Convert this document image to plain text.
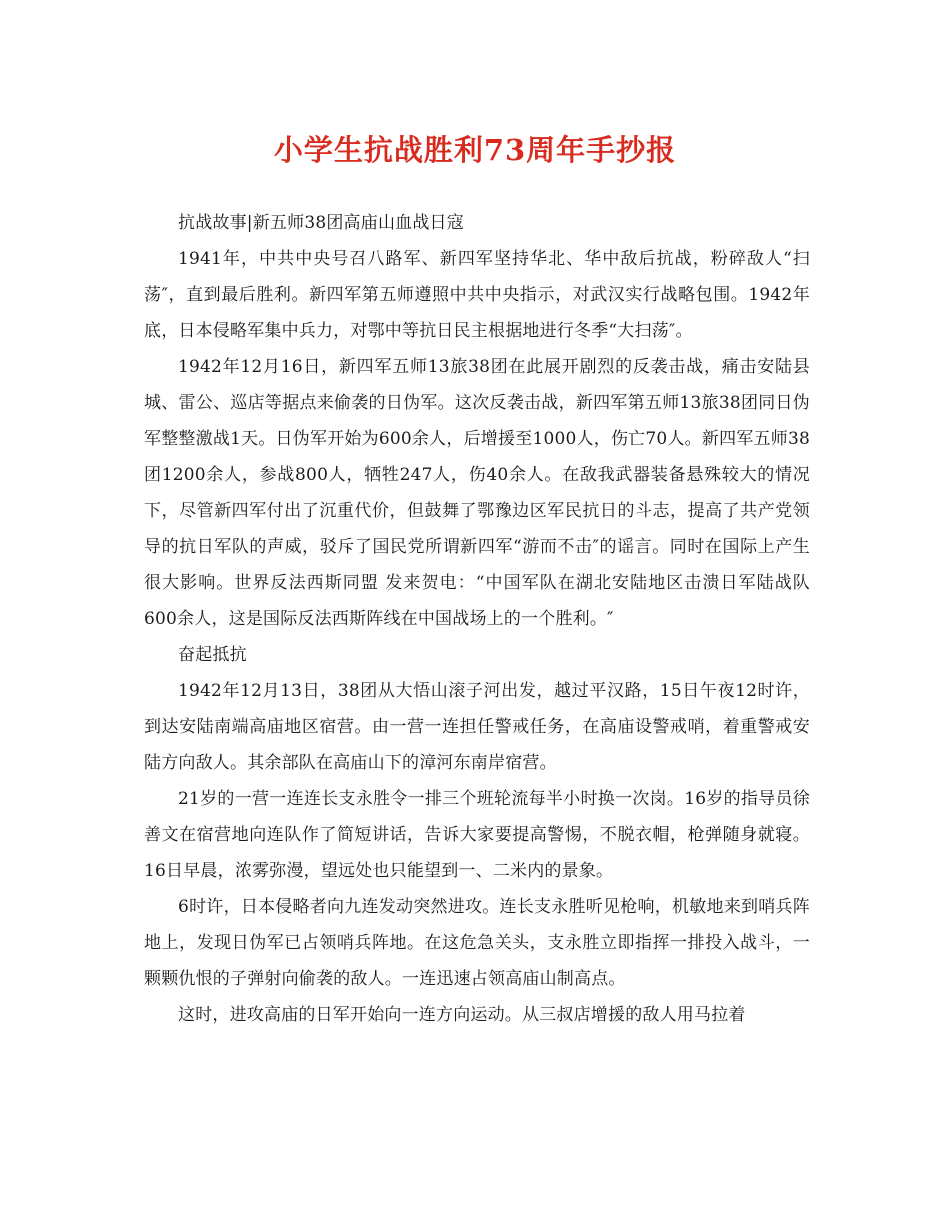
小学生抗战胜利73周年手抄报

抗战故事|新五师38团高庙山血战日寇

1941年，中共中央号召八路军、新四军坚持华北、华中敌后抗战，粉碎敌人“扫荡″，直到最后胜利。新四军第五师遵照中共中央指示，对武汉实行战略包围。1942年底，日本侵略军集中兵力，对鄂中等抗日民主根据地进行冬季“大扫荡″。

1942年12月16日，新四军五师13旅38团在此展开剧烈的反袭击战，痛击安陆县城、雷公、巡店等据点来偷袭的日伪军。这次反袭击战，新四军第五师13旅38团同日伪军整整激战1天。日伪军开始为600余人，后增援至1000人，伤亡70人。新四军五师38团1200余人，参战800人，牺牲247人，伤40余人。在敌我武器装备悬殊较大的情况下，尽管新四军付出了沉重代价，但鼓舞了鄂豫边区军民抗日的斗志，提高了共产党领导的抗日军队的声威，驳斥了国民党所谓新四军“游而不击″的谣言。同时在国际上产生很大影响。世界反法西斯同盟 发来贺电：“中国军队在湖北安陆地区击溃日军陆战队600余人，这是国际反法西斯阵线在中国战场上的一个胜利。″

奋起抵抗

1942年12月13日，38团从大悟山滚子河出发，越过平汉路，15日午夜12时许，到达安陆南端高庙地区宿营。由一营一连担任警戒任务，在高庙设警戒哨，着重警戒安陆方向敌人。其余部队在高庙山下的漳河东南岸宿营。

21岁的一营一连连长支永胜令一排三个班轮流每半小时换一次岗。16岁的指导员徐善文在宿营地向连队作了简短讲话，告诉大家要提高警惕，不脱衣帽，枪弹随身就寝。16日早晨，浓雾弥漫，望远处也只能望到一、二米内的景象。

6时许，日本侵略者向九连发动突然进攻。连长支永胜听见枪响，机敏地来到哨兵阵地上，发现日伪军已占领哨兵阵地。在这危急关头，支永胜立即指挥一排投入战斗，一颗颗仇恨的子弹射向偷袭的敌人。一连迅速占领高庙山制高点。

这时，进攻高庙的日军开始向一连方向运动。从三叔店增援的敌人用马拉着
